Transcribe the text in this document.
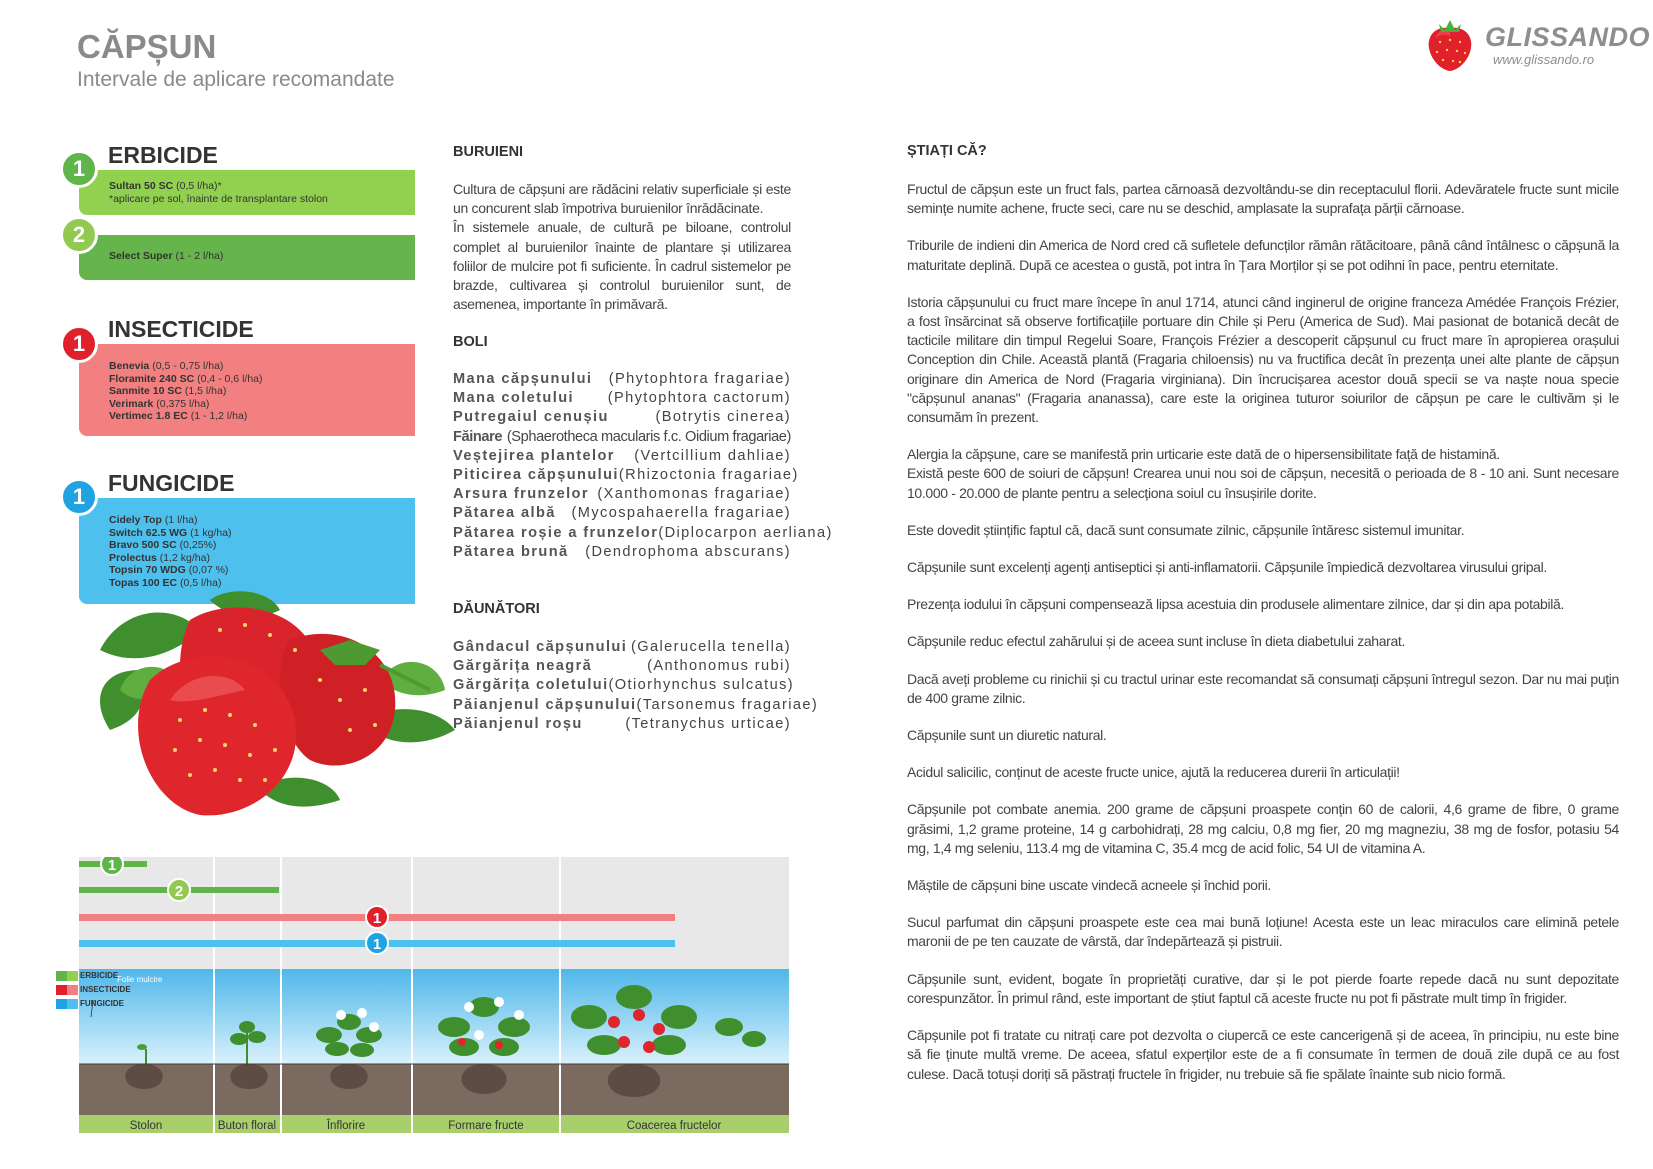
CĂPȘUN
Intervale de aplicare recomandate
GLISSANDO
www.glissando.ro
ERBICIDE
Sultan 50 SC (0,5 l/ha)*
*aplicare pe sol, înainte de transplantare stolon
1
Select Super (1 - 2 l/ha)
2
INSECTICIDE
Benevia (0,5 - 0,75 l/ha)
Floramite 240 SC (0,4 - 0,6 l/ha)
Sanmite 10 SC (1,5 l/ha)
Verimark (0,375 l/ha)
Vertimec 1.8 EC (1 - 1,2 l/ha)
1
FUNGICIDE
Cidely Top (1 l/ha)
Switch 62.5 WG (1 kg/ha)
Bravo 500 SC (0,25%)
Prolectus (1,2 kg/ha)
Topsin 70 WDG (0,07 %)
Topas 100 EC (0,5 l/ha)
1
BURUIENI
Cultura de căpșuni are rădăcini relativ superficiale și este un concurent slab împotriva buruienilor înrădăcinate.
În sistemele anuale, de cultură pe biloane, controlul complet al buruienilor înainte de plantare și utilizarea foliilor de mulcire pot fi suficiente. În cadrul sistemelor pe brazde, cultivarea și controlul buruienilor sunt, de asemenea, importante în primăvară.
BOLI
Mana căpșunului (Phytophtora fragariae)
Mana coletului (Phytophtora cactorum)
Putregaiul cenușiu	(Botrytis cinerea)
Făinare (Sphaerotheca macularis f.c. Oidium fragariae)
Veștejirea plantelor (Vertcillium dahliae)
Piticirea căpșunului (Rhizoctonia fragariae)
Arsura frunzelor (Xanthomonas fragariae)
Pătarea albă (Mycospahaerella fragariae)
Pătarea roșie a frunzelor (Diplocarpon aerliana)
Pătarea brună (Dendrophoma abscurans)
DĂUNĂTORI
Gândacul căpșunului (Galerucella tenella)
Gărgărița neagră	(Anthonomus rubi)
Gărgărița coletului (Otiorhynchus sulcatus)
Păianjenul căpșunului (Tarsonemus fragariae)
Păianjenul roșu	(Tetranychus urticae)
ȘTIAȚI CĂ?

Fructul de căpșun este un fruct fals, partea cărnoasă dezvoltându-se din receptaculul florii. Adevăratele fructe sunt micile semințe numite achene, fructe seci, care nu se deschid, amplasate la suprafața părții cărnoase.

Triburile de indieni din America de Nord cred că sufletele defuncților rămân rătăcitoare, până când întâlnesc o căpșună la maturitate deplină. După ce acestea o gustă, pot intra în Țara Morților și se pot odihni în pace, pentru eternitate.

Istoria căpșunului cu fruct mare începe în anul 1714, atunci când inginerul de origine franceza Amédée François Frézier, a fost însărcinat să observe fortificațiile portuare din Chile și Peru (America de Sud). Mai pasionat de botanică decât de tacticile militare din timpul Regelui Soare, François Frézier a descoperit căpșunul cu fruct mare în apropierea orașului Conception din Chile. Această plantă (Fragaria chiloensis) nu va fructifica decât în prezența unei alte plante de căpșun originare din America de Nord (Fragaria virginiana). Din încrucișarea acestor două specii se va naște noua specie "căpșunul ananas" (Fragaria ananassa), care este la originea tuturor soiurilor de căpșun pe care le cultivăm și le consumăm în prezent.

Alergia la căpșune, care se manifestă prin urticarie este dată de o hipersensibilitate față de histamină.
Există peste 600 de soiuri de căpșun! Crearea unui nou soi de căpșun, necesită o perioada de 8 - 10 ani. Sunt necesare 10.000 - 20.000 de plante pentru a selecționa soiul cu însușirile dorite.

Este dovedit științific faptul că, dacă sunt consumate zilnic, căpșunile întăresc sistemul imunitar.

Căpșunile sunt excelenți agenți antiseptici și anti-inflamatorii. Căpșunile împiedică dezvoltarea virusului gripal.

Prezența iodului în căpșuni compensează lipsa acestuia din produsele alimentare zilnice, dar și din apa potabilă.

Căpșunile reduc efectul zahărului și de aceea sunt incluse în dieta diabetului zaharat.

Dacă aveți probleme cu rinichii și cu tractul urinar este recomandat să consumați căpșuni întregul sezon. Dar nu mai puțin de 400 grame zilnic.

Căpșunile sunt un diuretic natural.

Acidul salicilic, conținut de aceste fructe unice, ajută la reducerea durerii în articulații!

Căpșunile pot combate anemia. 200 grame de căpșuni proaspete conțin 60 de calorii, 4,6 grame de fibre, 0 grame grăsimi, 1,2 grame proteine, 14 g carbohidrați, 28 mg calciu, 0,8 mg fier, 20 mg magneziu, 38 mg de fosfor, potasiu 54 mg, 1,4 mg seleniu, 113.4 mg de vitamina C, 35.4 mcg de acid folic, 54 UI de vitamina A.

Măștile de căpșuni bine uscate vindecă acneele și închid porii.

Sucul parfumat din căpșuni proaspete este cea mai bună loțiune! Acesta este un leac miraculos care elimină petele maronii de pe ten cauzate de vârstă, dar îndepărtează și pistruii.

Căpșunile sunt, evident, bogate în proprietăți curative, dar și le pot pierde foarte repede dacă nu sunt depozitate corespunzător. În primul rând, este important de știut faptul că aceste fructe nu pot fi păstrate mult timp în frigider.

Căpșunile pot fi tratate cu nitrați care pot dezvolta o ciupercă ce este cancerigenă și de aceea, în principiu, nu este bine să fie ținute multă vreme. De aceea, sfatul experților este de a fi consumate în termen de două zile după ce au fost culese. Dacă totuși doriți să păstrați fructele în frigider, nu trebuie să fie spălate înainte sub nicio formă.

1
2
1
1
Folie mulcire
Stolon	Buton floral	Înflorire	Formare fructe	Coacerea fructelor
ERBICIDE
INSECTICIDE
FUNGICIDE
